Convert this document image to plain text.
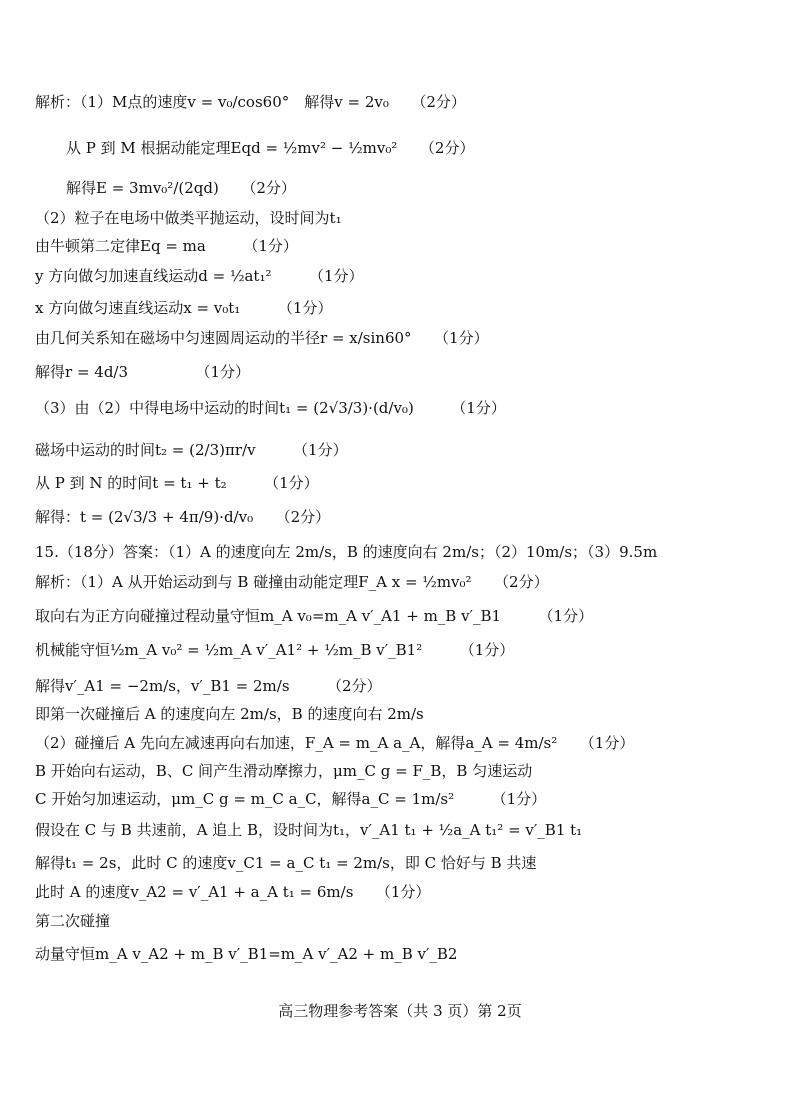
解析：（1）M点的速度v = v₀/cos60°　解得v = 2v₀　　（2分）
从 P 到 M 根据动能定理Eqd = ½mv² − ½mv₀²　　（2分）
解得E = 3mv₀²/(2qd)　　（2分）
（2）粒子在电场中做类平抛运动，设时间为t₁
由牛顿第二定律Eq = ma　　　（1分）
y 方向做匀加速直线运动d = ½at₁²　　　（1分）
x 方向做匀速直线运动x = v₀t₁　　　（1分）
由几何关系知在磁场中匀速圆周运动的半径r = x/sin60°　　（1分）
解得r = 4d/3　　　　　（1分）
（3）由（2）中得电场中运动的时间t₁ = (2√3/3)·(d/v₀)　　　（1分）
磁场中运动的时间t₂ = (2/3)πr/v　　　（1分）
从 P 到 N 的时间t = t₁ + t₂　　　（1分）
解得：t = (2√3/3 + 4π/9)·d/v₀　　（2分）
15.（18分）答案：（1）A 的速度向左 2m/s，B 的速度向右 2m/s；（2）10m/s；（3）9.5m
解析：（1）A 从开始运动到与 B 碰撞由动能定理F_A x = ½mv₀²　　（2分）
取向右为正方向碰撞过程动量守恒m_A v₀=m_A v′_A1 + m_B v′_B1　　　（1分）
机械能守恒½m_A v₀² = ½m_A v′_A1² + ½m_B v′_B1²　　　（1分）
解得v′_A1 = −2m/s，v′_B1 = 2m/s　　　（2分）
即第一次碰撞后 A 的速度向左 2m/s，B 的速度向右 2m/s
（2）碰撞后 A 先向左减速再向右加速，F_A = m_A a_A，解得a_A = 4m/s²　　（1分）
B 开始向右运动，B、C 间产生滑动摩擦力，μm_C g = F_B，B 匀速运动
C 开始匀加速运动，μm_C g = m_C a_C，解得a_C = 1m/s²　　　（1分）
假设在 C 与 B 共速前，A 追上 B，设时间为t₁，v′_A1 t₁ + ½a_A t₁² = v′_B1 t₁
解得t₁ = 2s，此时 C 的速度v_C1 = a_C t₁ = 2m/s，即 C 恰好与 B 共速
此时 A 的速度v_A2 = v′_A1 + a_A t₁ = 6m/s　　（1分）
第二次碰撞
动量守恒m_A v_A2 + m_B v′_B1=m_A v′_A2 + m_B v′_B2
高三物理参考答案（共 3 页）第 2页
